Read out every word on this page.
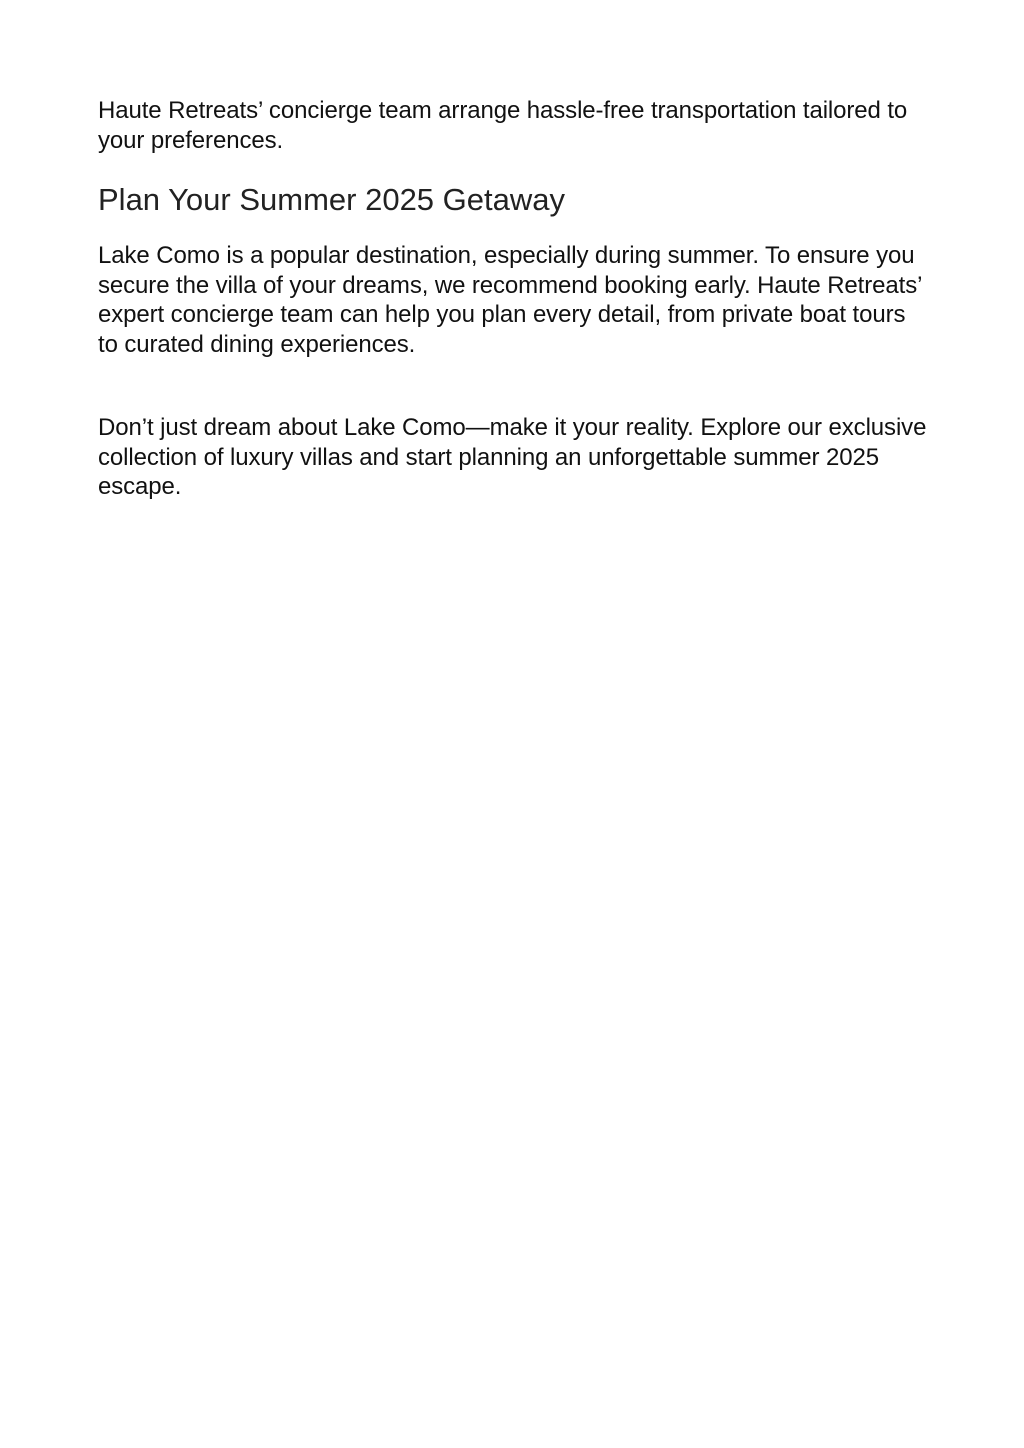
Haute Retreats’ concierge team arrange hassle-free transportation tailored to your preferences.

Plan Your Summer 2025 Getaway

Lake Como is a popular destination, especially during summer. To ensure you secure the villa of your dreams, we recommend booking early. Haute Retreats’ expert concierge team can help you plan every detail, from private boat tours to curated dining experiences.

Don’t just dream about Lake Como—make it your reality. Explore our exclusive collection of luxury villas and start planning an unforgettable summer 2025 escape.
